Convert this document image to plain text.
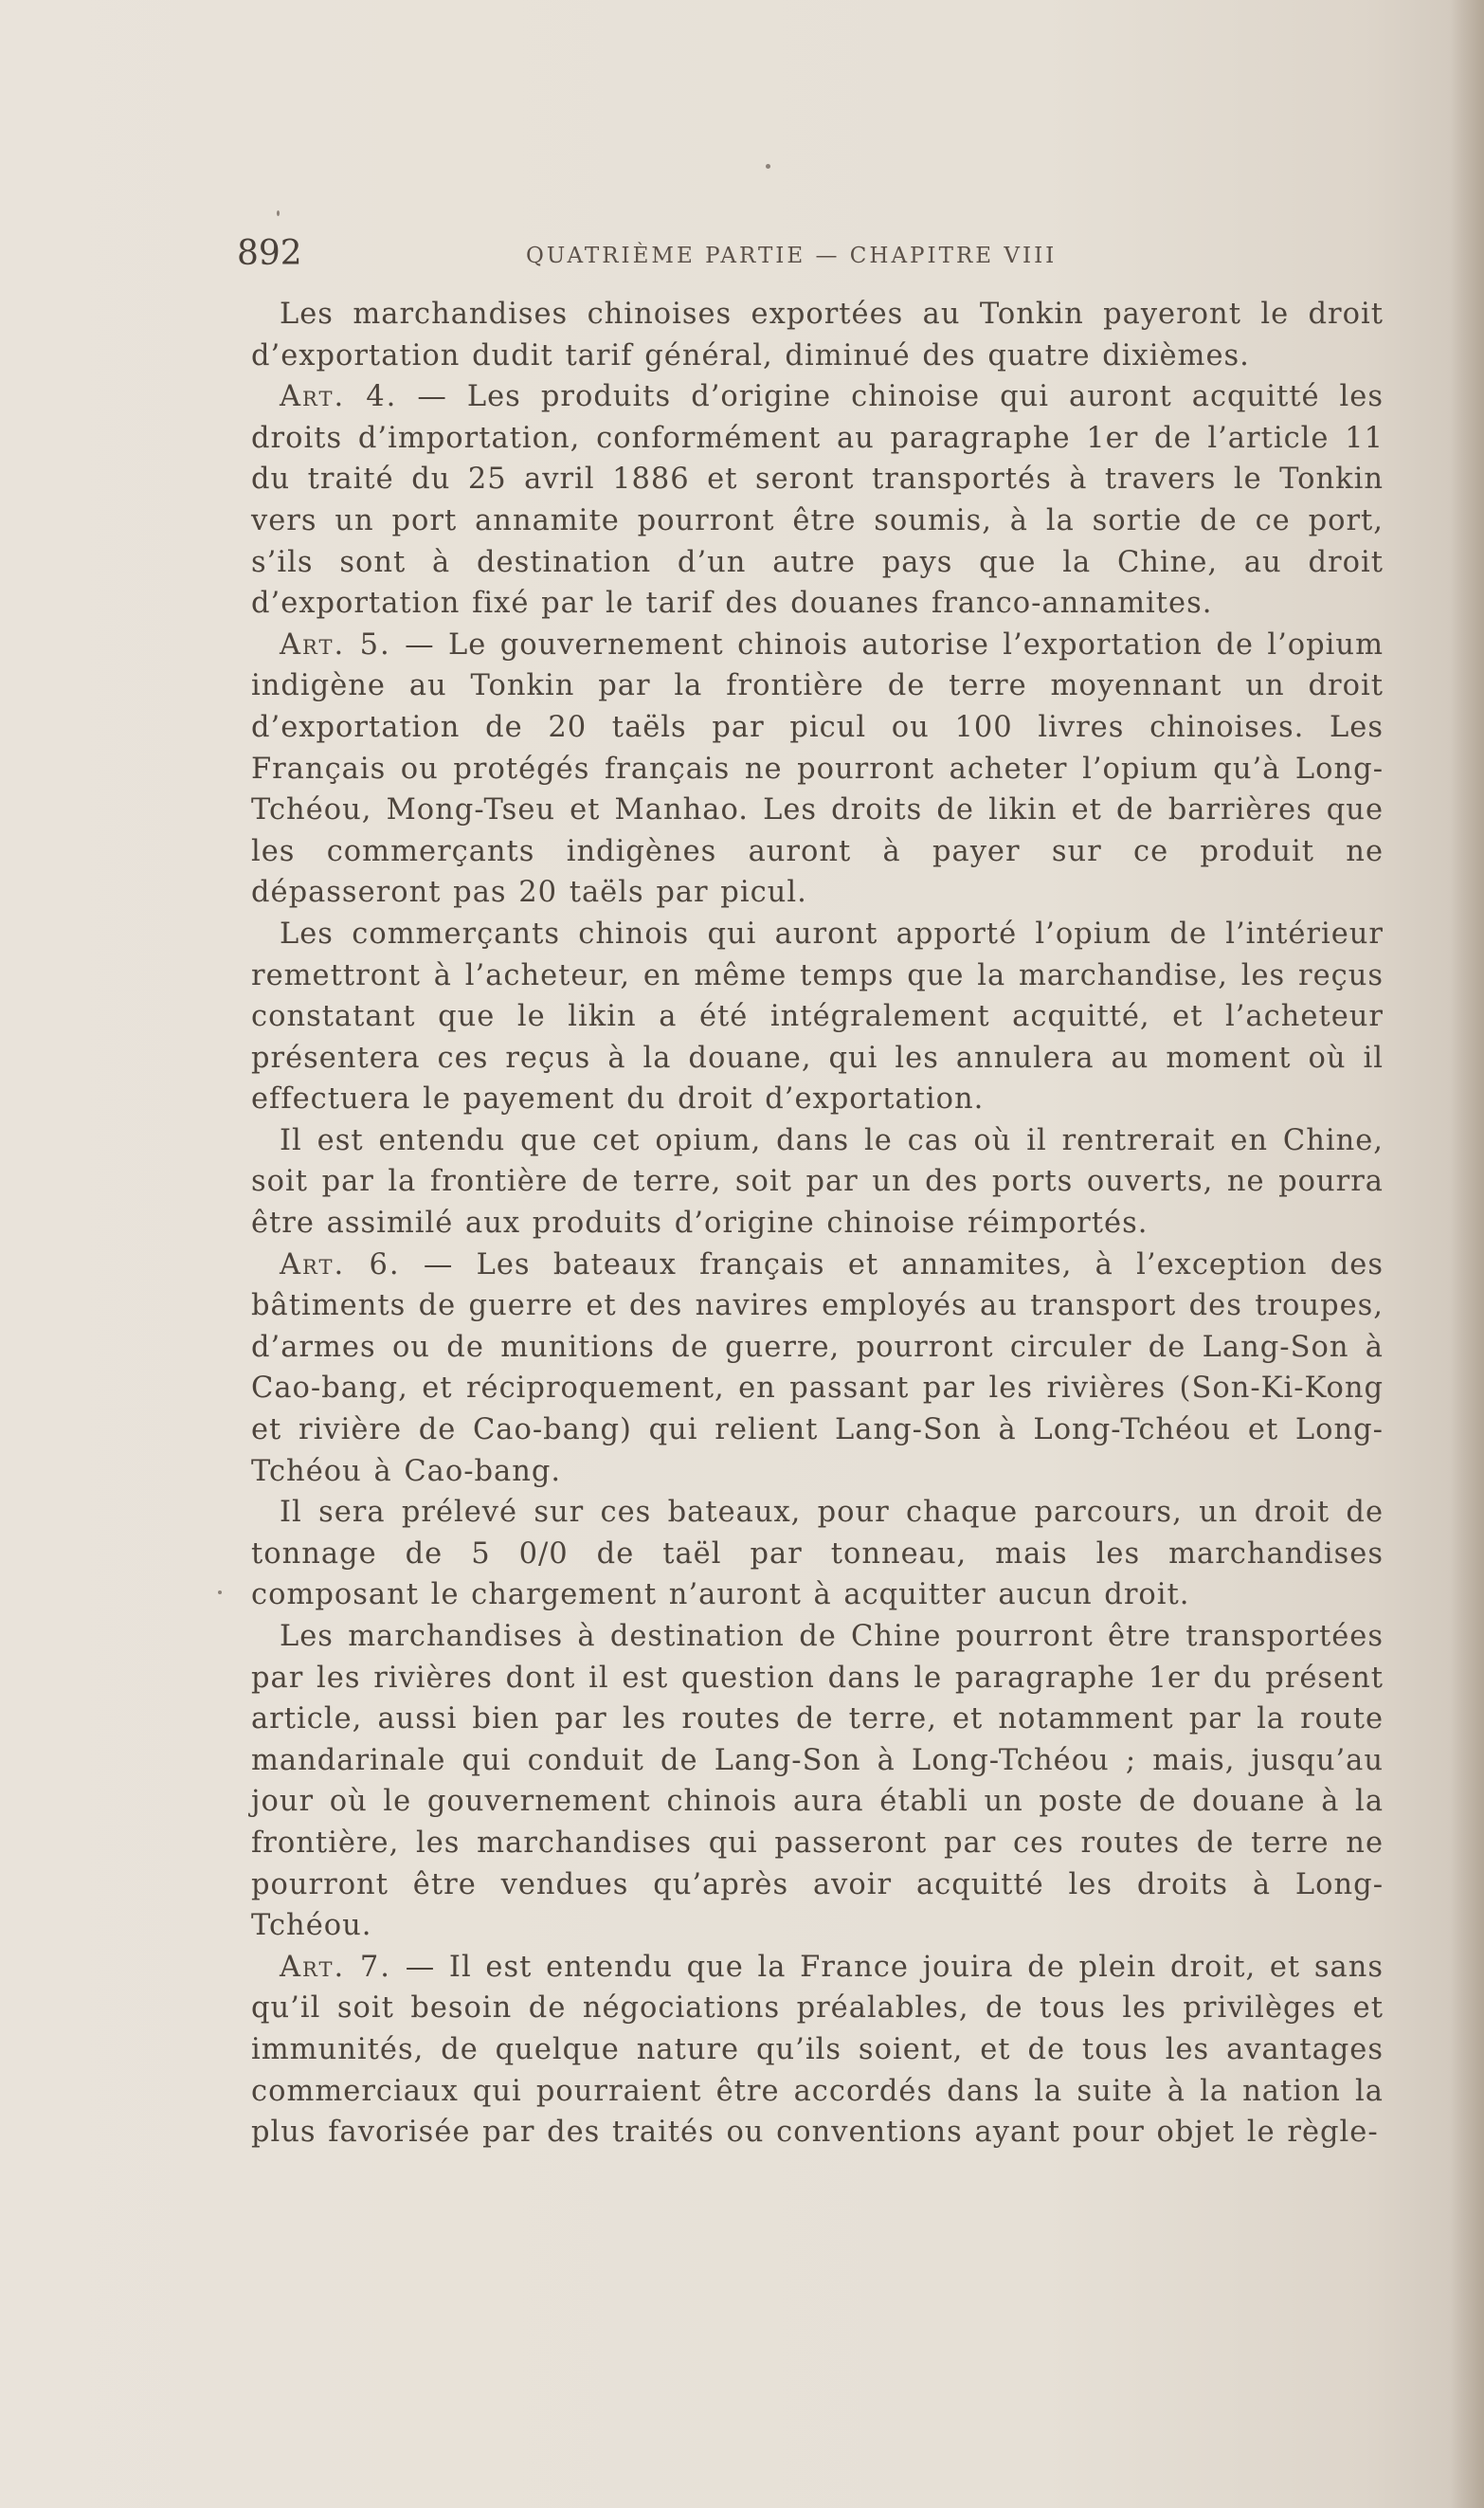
892	QUATRIÈME PARTIE — CHAPITRE VIII

Les marchandises chinoises exportées au Tonkin payeront le droit d’exportation dudit tarif général, diminué des quatre dixièmes.

Art. 4. — Les produits d’origine chinoise qui auront acquitté les droits d’importation, conformément au paragraphe 1er de l’article 11 du traité du 25 avril 1886 et seront transportés à travers le Tonkin vers un port annamite pourront être soumis, à la sortie de ce port, s’ils sont à destination d’un autre pays que la Chine, au droit d’exportation fixé par le tarif des douanes franco-annamites.

Art. 5. — Le gouvernement chinois autorise l’exportation de l’opium indigène au Tonkin par la frontière de terre moyennant un droit d’exportation de 20 taëls par picul ou 100 livres chinoises. Les Français ou protégés français ne pourront acheter l’opium qu’à Long-Tchéou, Mong-Tseu et Manhao. Les droits de likin et de barrières que les commerçants indigènes auront à payer sur ce produit ne dépasseront pas 20 taëls par picul.

Les commerçants chinois qui auront apporté l’opium de l’intérieur remettront à l’acheteur, en même temps que la marchandise, les reçus constatant que le likin a été intégralement acquitté, et l’acheteur présentera ces reçus à la douane, qui les annulera au moment où il effectuera le payement du droit d’exportation.

Il est entendu que cet opium, dans le cas où il rentrerait en Chine, soit par la frontière de terre, soit par un des ports ouverts, ne pourra être assimilé aux produits d’origine chinoise réimportés.

Art. 6. — Les bateaux français et annamites, à l’exception des bâtiments de guerre et des navires employés au transport des troupes, d’armes ou de munitions de guerre, pourront circuler de Lang-Son à Cao-bang, et réciproquement, en passant par les rivières (Son-Ki-Kong et rivière de Cao-bang) qui relient Lang-Son à Long-Tchéou et Long-Tchéou à Cao-bang.

Il sera prélevé sur ces bateaux, pour chaque parcours, un droit de tonnage de 5 0/0 de taël par tonneau, mais les marchandises composant le chargement n’auront à acquitter aucun droit.

Les marchandises à destination de Chine pourront être transportées par les rivières dont il est question dans le paragraphe 1er du présent article, aussi bien par les routes de terre, et notamment par la route mandarinale qui conduit de Lang-Son à Long-Tchéou ; mais, jusqu’au jour où le gouvernement chinois aura établi un poste de douane à la frontière, les marchandises qui passeront par ces routes de terre ne pourront être vendues qu’après avoir acquitté les droits à Long-Tchéou.

Art. 7. — Il est entendu que la France jouira de plein droit, et sans qu’il soit besoin de négociations préalables, de tous les privilèges et immunités, de quelque nature qu’ils soient, et de tous les avantages commerciaux qui pourraient être accordés dans la suite à la nation la plus favorisée par des traités ou conventions ayant pour objet le règle-
